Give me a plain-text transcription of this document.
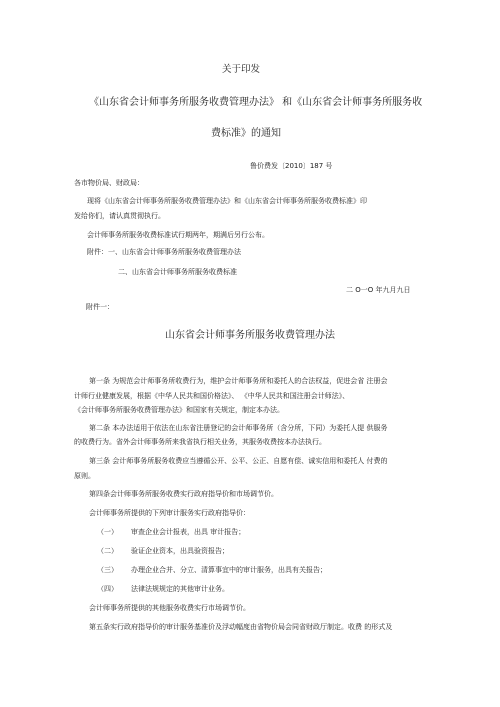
关于印发
《山东省会计师事务所服务收费管理办法》 和《山东省会计师事务所服务收
费标准》的通知
鲁价费发〔2010〕187 号
各市物价局、财政局：
现将《山东省会计师事务所服务收费管理办法》和《山东省会计师事务所服务收费标准》印
发给你们，请认真贯彻执行。
会计师事务所服务收费标准试行期两年，期满后另行公布。
附件：一、山东省会计师事务所服务收费管理办法
二、山东省会计师事务所服务收费标准
二 O一O 年九月九日
附件一：
山东省会计师事务所服务收费管理办法
第一条 为规范会计师事务所收费行为，维护会计师事务所和委托人的合法权益，促进会省 注册会
计师行业健康发展，根据《中华人民共和国价格法》、 《中华人民共和国注册会计师法》、
《会计师事务所服务收费管理办法》和国家有关规定，制定本办法。
第二条 本办法适用于依法在山东省注册登记的会计师事务所（含分所，下同）为委托人提 供服务
的收费行为。省外会计师事务所来我省执行相关业务，其服务收费按本办法执行。
第三条 会计师事务所服务收费应当遵循公开、公平、公正、自愿有偿、诚实信用和委托人 付费的
原则。
第四条会计师事务所服务收费实行政府指导价和市场调节价。
会计师事务所提供的下列审计服务实行政府指导价：
（一） 审查企业会计报表，出具 审计报告；
（二） 验证企业资本，出具验资报告；
（三） 办理企业合并、分立、清算事宜中的审计服务，出具有关报告；
（四） 法律法规规定的其他审计业务。
会计师事务所提供的其他服务收费实行市场调节价。
第五条实行政府指导价的审计服务基准价及浮动幅度由省物价局会同省财政厅制定。收费 的形式及
